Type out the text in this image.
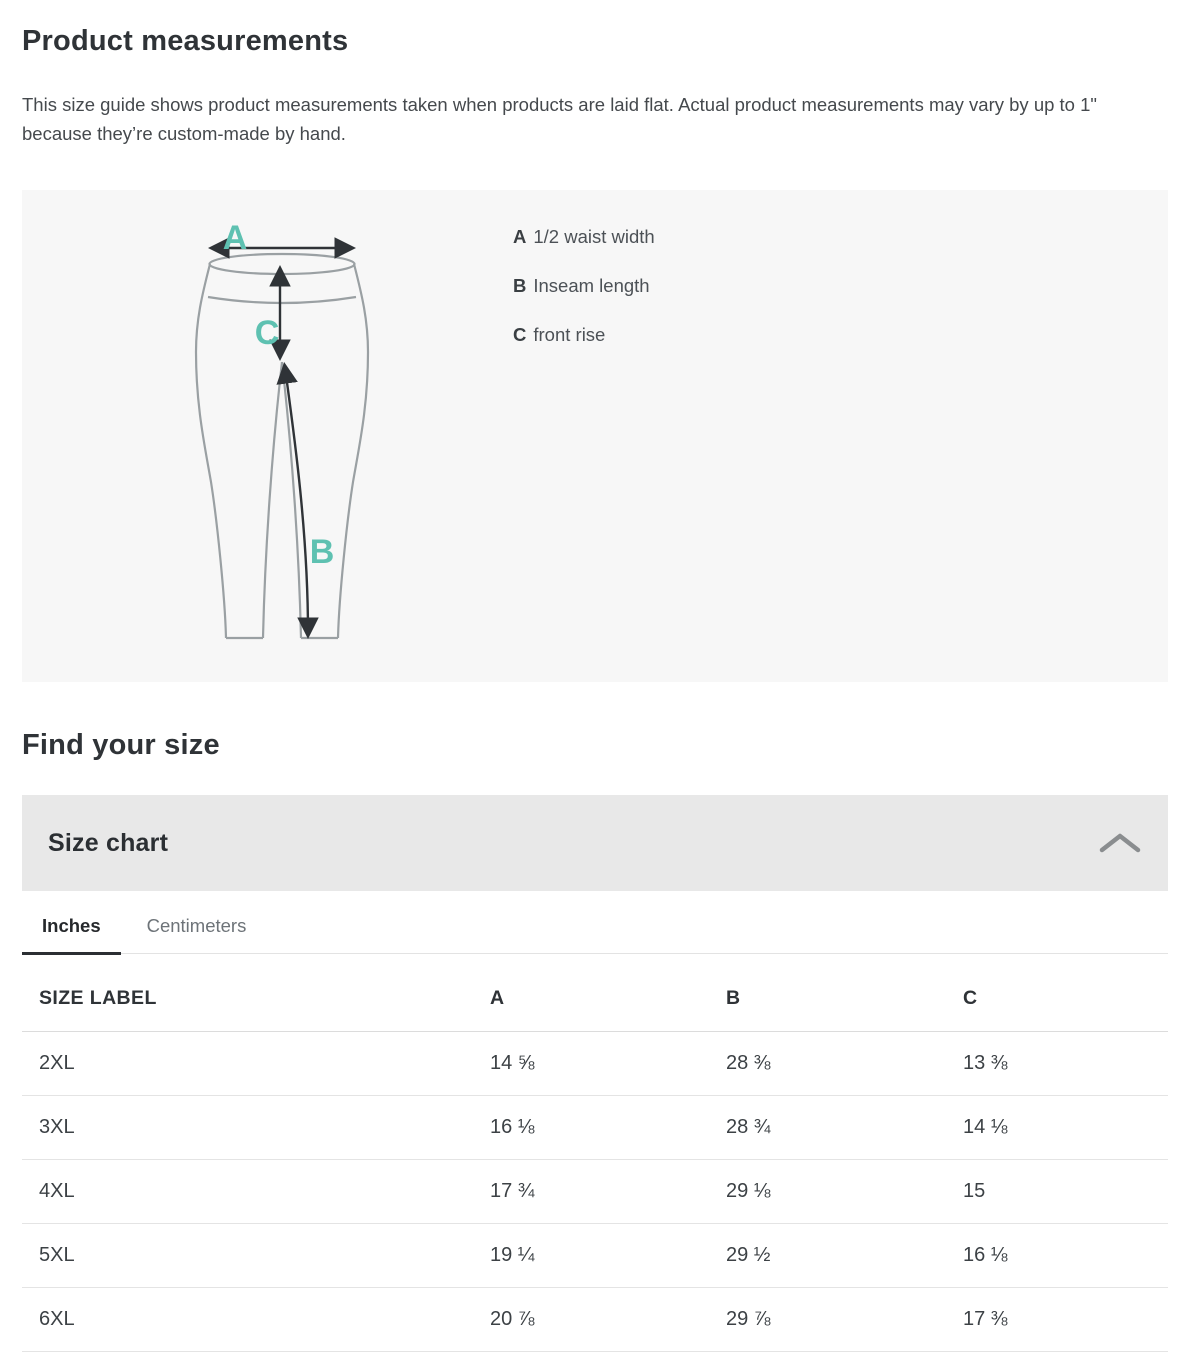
Product measurements

This size guide shows product measurements taken when products are laid flat. Actual product measurements may vary by up to 1" because they’re custom-made by hand.

A
B
C
A 1/2 waist width
B Inseam length
C front rise
Find your size
Size chart
Inches	Centimeters
SIZE LABEL	A	B	C
2XL	14 ⅝	28 ⅜	13 ⅜
3XL	16 ⅛	28 ¾	14 ⅛
4XL	17 ¾	29 ⅛	15
5XL	19 ¼	29 ½	16 ⅛
6XL	20 ⅞	29 ⅞	17 ⅜
